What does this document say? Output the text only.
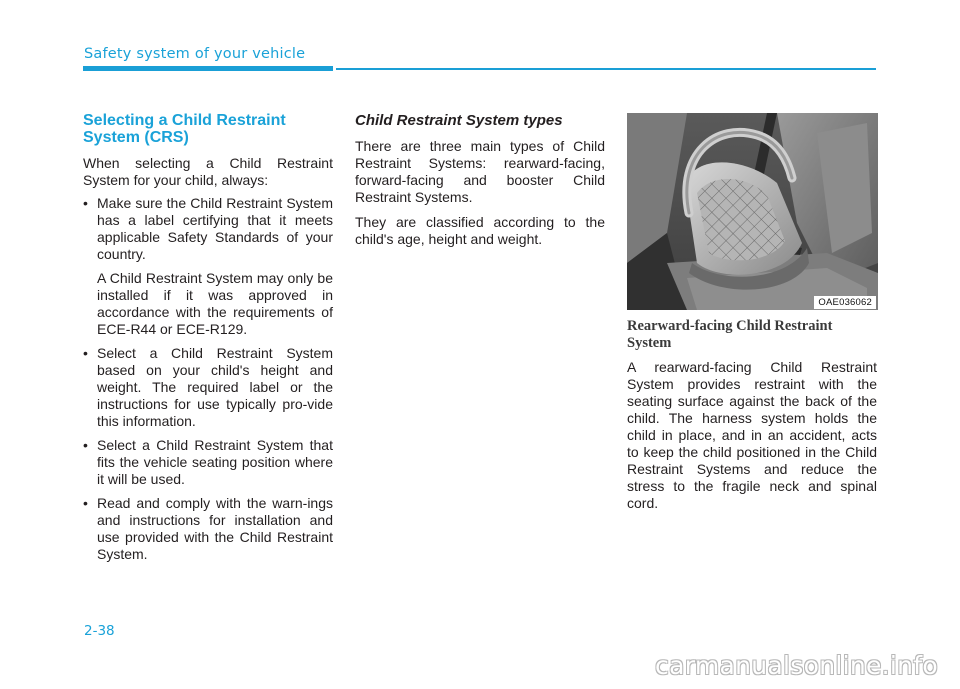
Safety system of your vehicle
Selecting a Child Restraint System (CRS)

When selecting a Child Restraint System for your child, always:

• Make sure the Child Restraint System has a label certifying that it meets applicable Safety Standards of your country.

A Child Restraint System may only be installed if it was approved in accordance with the requirements of ECE-R44 or ECE-R129.

• Select a Child Restraint System based on your child's height and weight. The required label or the instructions for use typically pro-vide this information.
• Select a Child Restraint System that fits the vehicle seating position where it will be used.
• Read and comply with the warn-ings and instructions for installation and use provided with the Child Restraint System.
Child Restraint System types

There are three main types of Child Restraint Systems: rearward-facing, forward-facing and booster Child Restraint Systems.

They are classified according to the child's age, height and weight.

OAE036062
Rearward-facing Child Restraint System

A rearward-facing Child Restraint System provides restraint with the seating surface against the back of the child. The harness system holds the child in place, and in an accident, acts to keep the child positioned in the Child Restraint Systems and reduce the stress to the fragile neck and spinal cord.

2-38
carmanualsonline.info
